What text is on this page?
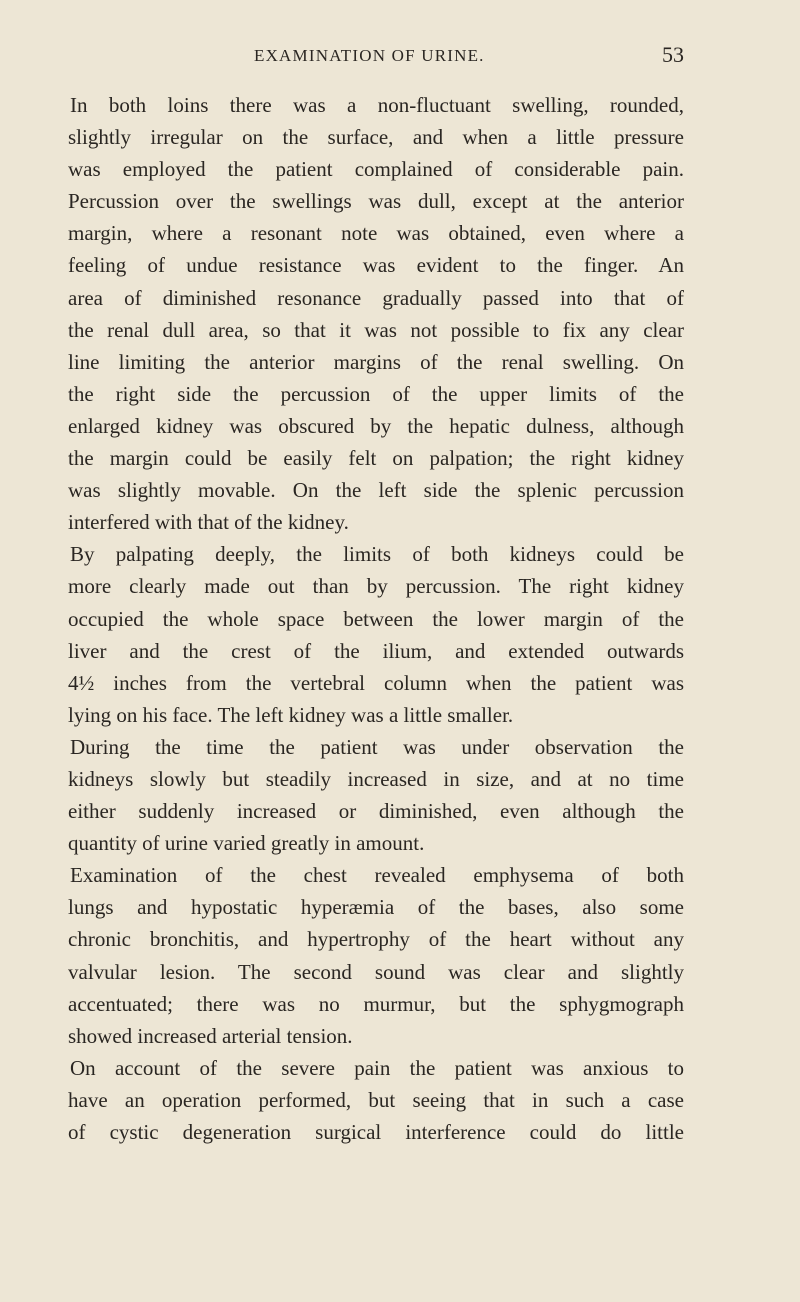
EXAMINATION OF URINE.	53
In both loins there was a non-fluctuant swelling, rounded,
slightly irregular on the surface, and when a little pressure
was employed the patient complained of considerable pain.
Percussion over the swellings was dull, except at the anterior
margin, where a resonant note was obtained, even where a
feeling of undue resistance was evident to the finger. An
area of diminished resonance gradually passed into that of
the renal dull area, so that it was not possible to fix any clear
line limiting the anterior margins of the renal swelling. On
the right side the percussion of the upper limits of the
enlarged kidney was obscured by the hepatic dulness, although
the margin could be easily felt on palpation; the right kidney
was slightly movable. On the left side the splenic percussion
interfered with that of the kidney.
By palpating deeply, the limits of both kidneys could be
more clearly made out than by percussion. The right kidney
occupied the whole space between the lower margin of the
liver and the crest of the ilium, and extended outwards
4½ inches from the vertebral column when the patient was
lying on his face. The left kidney was a little smaller.
During the time the patient was under observation the
kidneys slowly but steadily increased in size, and at no time
either suddenly increased or diminished, even although the
quantity of urine varied greatly in amount.
Examination of the chest revealed emphysema of both
lungs and hypostatic hyperæmia of the bases, also some
chronic bronchitis, and hypertrophy of the heart without any
valvular lesion. The second sound was clear and slightly
accentuated; there was no murmur, but the sphygmograph
showed increased arterial tension.
On account of the severe pain the patient was anxious to
have an operation performed, but seeing that in such a case
of cystic degeneration surgical interference could do little
